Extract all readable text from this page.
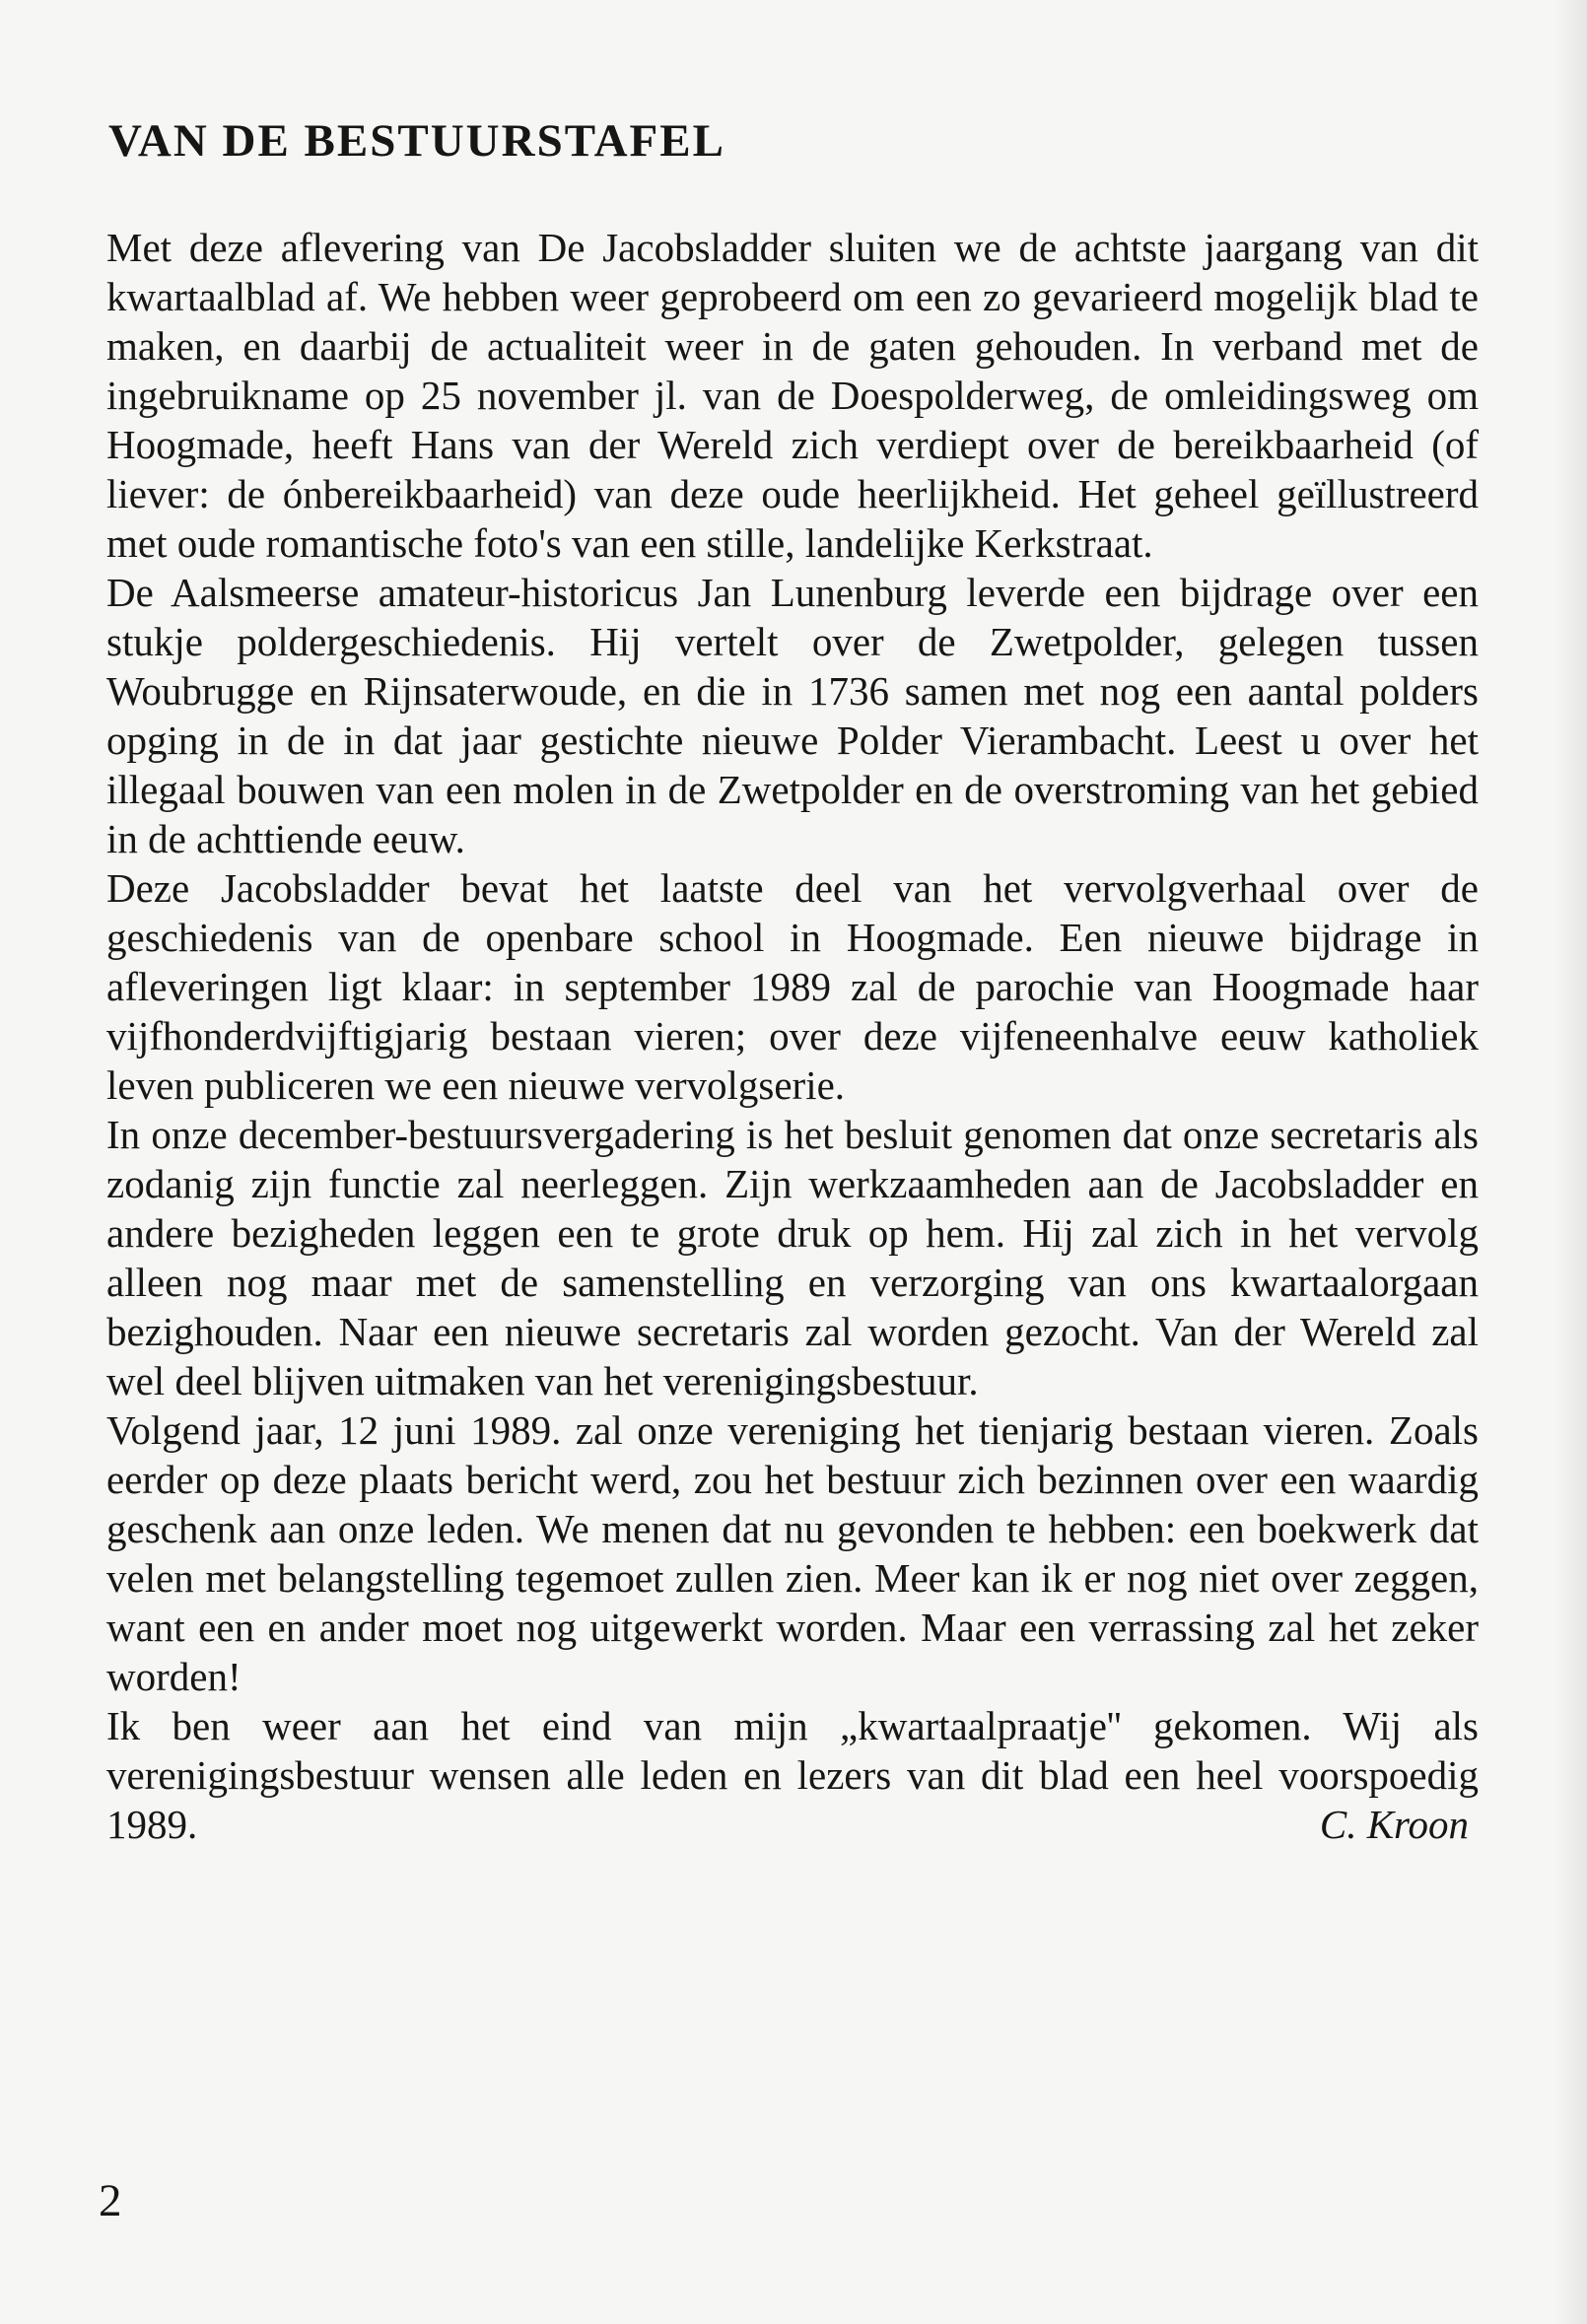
VAN DE BESTUURSTAFEL

Met deze aflevering van De Jacobsladder sluiten we de achtste jaargang van dit kwartaalblad af. We hebben weer geprobeerd om een zo gevarieerd mogelijk blad te maken, en daarbij de actualiteit weer in de gaten gehouden. In verband met de ingebruikname op 25 november jl. van de Doespolderweg, de omleidingsweg om Hoogmade, heeft Hans van der Wereld zich verdiept over de bereikbaarheid (of liever: de ónbereikbaarheid) van deze oude heerlijkheid. Het geheel geïllustreerd met oude romantische foto's van een stille, landelijke Kerkstraat.

De Aalsmeerse amateur-historicus Jan Lunenburg leverde een bijdrage over een stukje poldergeschiedenis. Hij vertelt over de Zwetpolder, gelegen tussen Woubrugge en Rijnsaterwoude, en die in 1736 samen met nog een aantal polders opging in de in dat jaar gestichte nieuwe Polder Vierambacht. Leest u over het illegaal bouwen van een molen in de Zwetpolder en de overstroming van het gebied in de achttiende eeuw.

Deze Jacobsladder bevat het laatste deel van het vervolgverhaal over de geschiedenis van de openbare school in Hoogmade. Een nieuwe bijdrage in afleveringen ligt klaar: in september 1989 zal de parochie van Hoogmade haar vijfhonderdvijftigjarig bestaan vieren; over deze vijfeneenhalve eeuw katholiek leven publiceren we een nieuwe vervolgserie.

In onze december-bestuursvergadering is het besluit genomen dat onze secretaris als zodanig zijn functie zal neerleggen. Zijn werkzaamheden aan de Jacobsladder en andere bezigheden leggen een te grote druk op hem. Hij zal zich in het vervolg alleen nog maar met de samenstelling en verzorging van ons kwartaalorgaan bezighouden. Naar een nieuwe secretaris zal worden gezocht. Van der Wereld zal wel deel blijven uitmaken van het verenigingsbestuur.

Volgend jaar, 12 juni 1989. zal onze vereniging het tienjarig bestaan vieren. Zoals eerder op deze plaats bericht werd, zou het bestuur zich bezinnen over een waardig geschenk aan onze leden. We menen dat nu gevonden te hebben: een boekwerk dat velen met belangstelling tegemoet zullen zien. Meer kan ik er nog niet over zeggen, want een en ander moet nog uitgewerkt worden. Maar een verrassing zal het zeker worden!

Ik ben weer aan het eind van mijn „kwartaalpraatje'' gekomen. Wij als verenigingsbestuur wensen alle leden en lezers van dit blad een heel voorspoedig 1989.	C. Kroon

2
